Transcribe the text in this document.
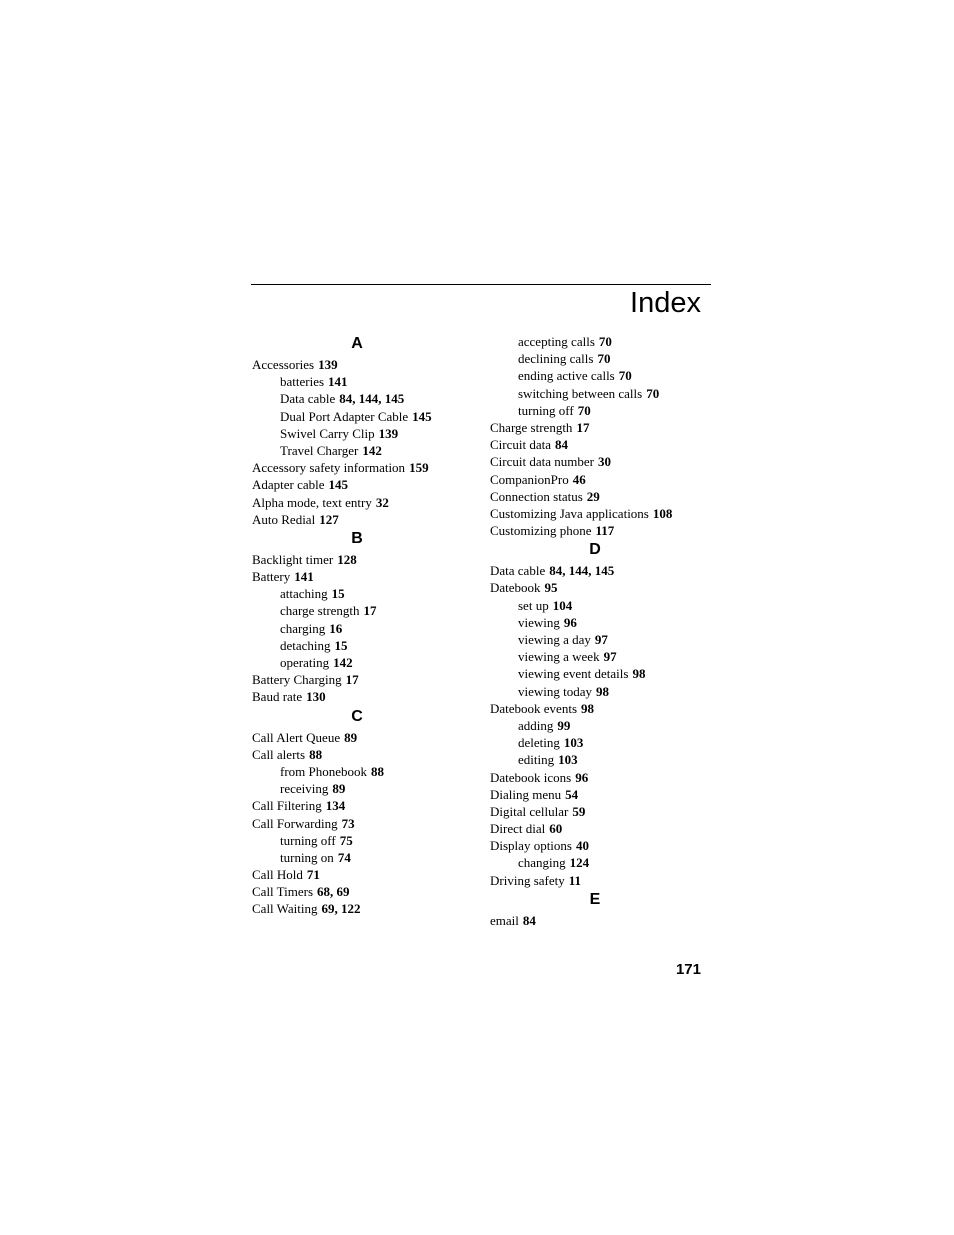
Index
A
Accessories 139
batteries 141
Data cable 84, 144, 145
Dual Port Adapter Cable 145
Swivel Carry Clip 139
Travel Charger 142
Accessory safety information 159
Adapter cable 145
Alpha mode, text entry 32
Auto Redial 127
B
Backlight timer 128
Battery 141
attaching 15
charge strength 17
charging 16
detaching 15
operating 142
Battery Charging 17
Baud rate 130
C
Call Alert Queue 89
Call alerts 88
from Phonebook 88
receiving 89
Call Filtering 134
Call Forwarding 73
turning off 75
turning on 74
Call Hold 71
Call Timers 68, 69
Call Waiting 69, 122
accepting calls 70
declining calls 70
ending active calls 70
switching between calls 70
turning off 70
Charge strength 17
Circuit data 84
Circuit data number 30
CompanionPro 46
Connection status 29
Customizing Java applications 108
Customizing phone 117
D
Data cable 84, 144, 145
Datebook 95
set up 104
viewing 96
viewing a day 97
viewing a week 97
viewing event details 98
viewing today 98
Datebook events 98
adding 99
deleting 103
editing 103
Datebook icons 96
Dialing menu 54
Digital cellular 59
Direct dial 60
Display options 40
changing 124
Driving safety 11
E
email 84
171
